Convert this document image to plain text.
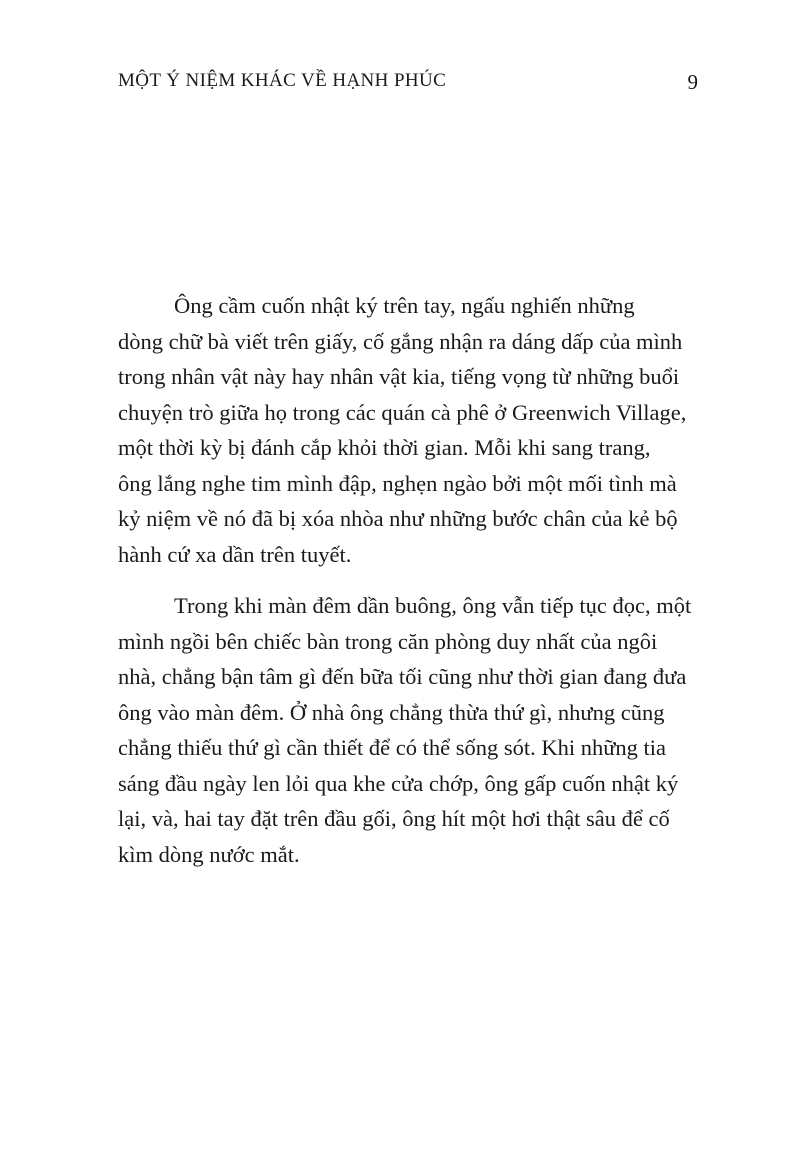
MỘT Ý NIỆM KHÁC VỀ HẠNH PHÚC	9
Ông cầm cuốn nhật ký trên tay, ngấu nghiến những
dòng chữ bà viết trên giấy, cố gắng nhận ra dáng dấp của mình
trong nhân vật này hay nhân vật kia, tiếng vọng từ những buổi
chuyện trò giữa họ trong các quán cà phê ở Greenwich Village,
một thời kỳ bị đánh cắp khỏi thời gian. Mỗi khi sang trang,
ông lắng nghe tim mình đập, nghẹn ngào bởi một mối tình mà
kỷ niệm về nó đã bị xóa nhòa như những bước chân của kẻ bộ
hành cứ xa dần trên tuyết.
Trong khi màn đêm dần buông, ông vẫn tiếp tục đọc, một
mình ngồi bên chiếc bàn trong căn phòng duy nhất của ngôi
nhà, chẳng bận tâm gì đến bữa tối cũng như thời gian đang đưa
ông vào màn đêm. Ở nhà ông chẳng thừa thứ gì, nhưng cũng
chẳng thiếu thứ gì cần thiết để có thể sống sót. Khi những tia
sáng đầu ngày len lỏi qua khe cửa chớp, ông gấp cuốn nhật ký
lại, và, hai tay đặt trên đầu gối, ông hít một hơi thật sâu để cố
kìm dòng nước mắt.
